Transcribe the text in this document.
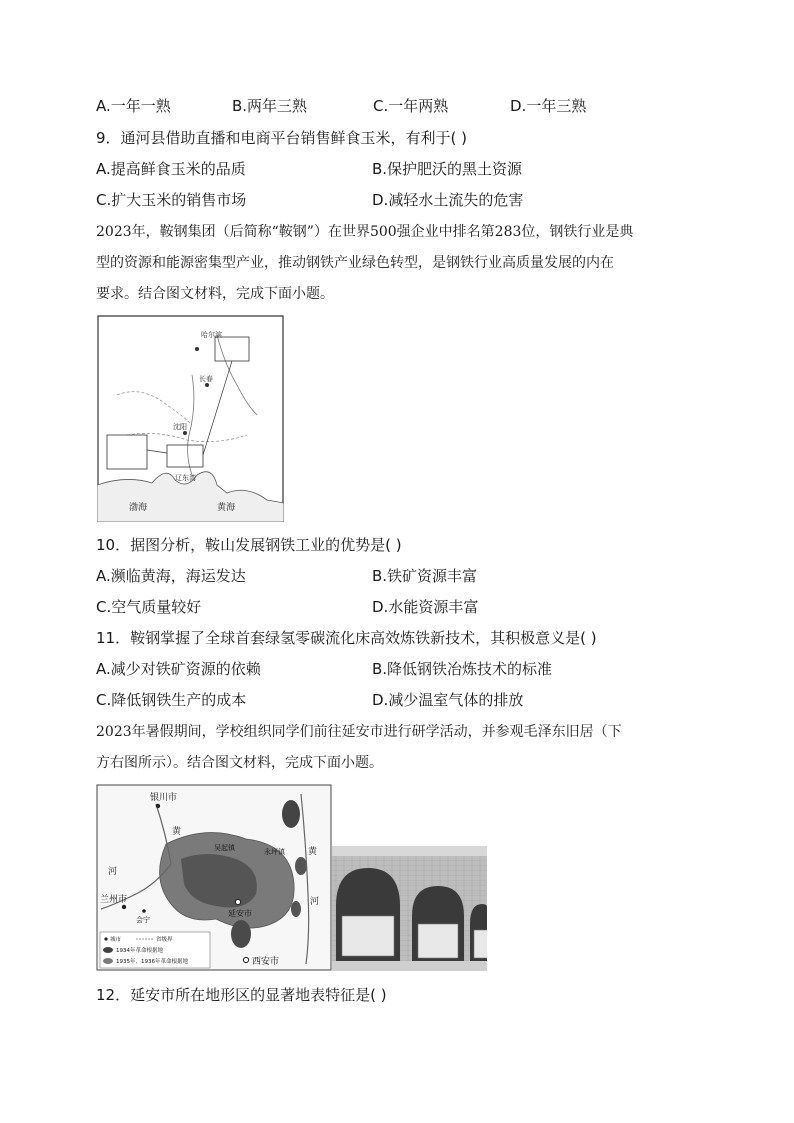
A.一年一熟	B.两年三熟	C.一年两熟	D.一年三熟
9．通河县借助直播和电商平台销售鲜食玉米，有利于( )
A.提高鲜食玉米的品质	B.保护肥沃的黑土资源
C.扩大玉米的销售市场	D.减轻水土流失的危害
2023年，鞍钢集团（后简称“鞍钢”）在世界500强企业中排名第283位，钢铁行业是典
型的资源和能源密集型产业，推动钢铁产业绿色转型，是钢铁行业高质量发展的内在
要求。结合图文材料，完成下面小题。
哈尔滨
长春
沈阳
辽东湾
渤海	黄海
10．据图分析，鞍山发展钢铁工业的优势是( )
A.濒临黄海，海运发达	B.铁矿资源丰富
C.空气质量较好	D.水能资源丰富
11．鞍钢掌握了全球首套绿氢零碳流化床高效炼铁新技术，其积极意义是( )
A.减少对铁矿资源的依赖	B.降低钢铁冶炼技术的标准
C.降低钢铁生产的成本	D.减少温室气体的排放
2023年暑假期间，学校组织同学们前往延安市进行研学活动，并参观毛泽东旧居（下
方右图所示）。结合图文材料，完成下面小题。
银川市
兰州市
延安市
西安市
吴起镇	永坪镇
会宁
黄
河
黄
河
城市	省级界
1934年革命根据地
1935年、1936年革命根据地
12．延安市所在地形区的显著地表特征是( )
